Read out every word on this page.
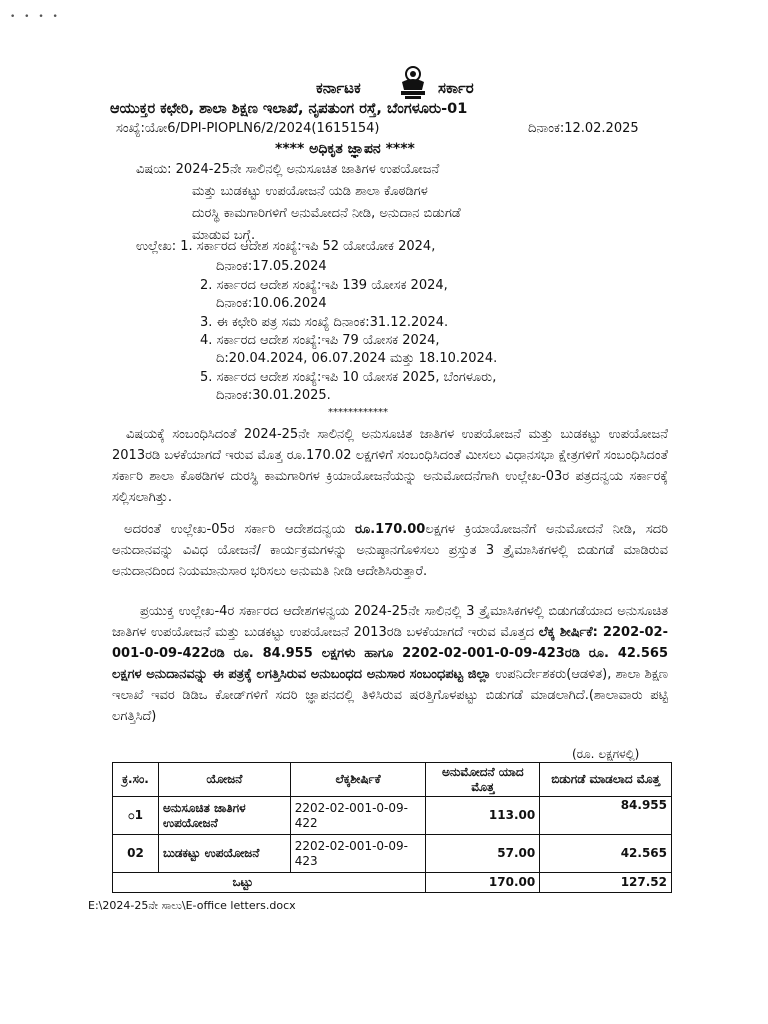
• • • •
ಕರ್ನಾಟಕ	ಸರ್ಕಾರ
ಆಯುಕ್ತರ ಕಛೇರಿ, ಶಾಲಾ ಶಿಕ್ಷಣ ಇಲಾಖೆ, ನೃಪತುಂಗ ರಸ್ತೆ, ಬೆಂಗಳೂರು-01
ಸಂಖ್ಯೆ:ಯೋ6/DPI-PIOPLN6/2/2024(1615154)	ದಿನಾಂಕ:12.02.2025
**** ಅಧಿಕೃತ ಜ್ಞಾಪನ ****
ವಿಷಯ: 2024-25ನೇ ಸಾಲಿನಲ್ಲಿ ಅನುಸೂಚಿತ ಜಾತಿಗಳ ಉಪಯೋಜನೆ
ಮತ್ತು ಬುಡಕಟ್ಟು ಉಪಯೋಜನೆ ಯಡಿ ಶಾಲಾ ಕೊಠಡಿಗಳ
ದುರಸ್ಥಿ ಕಾಮಗಾರಿಗಳಿಗೆ ಅನುಮೋದನೆ ನೀಡಿ, ಅನುದಾನ ಬಿಡುಗಡೆ
ಮಾಡುವ ಬಗ್ಗೆ.
ಉಲ್ಲೇಖ: 1. ಸರ್ಕಾರದ ಆದೇಶ ಸಂಖ್ಯೆ:ಇಪಿ 52 ಯೋಯೋಕ 2024,
ದಿನಾಂಕ:17.05.2024
2. ಸರ್ಕಾರದ ಆದೇಶ ಸಂಖ್ಯೆ:ಇಪಿ 139 ಯೋಸಕ 2024,
ದಿನಾಂಕ:10.06.2024
3. ಈ ಕಛೇರಿ ಪತ್ರ ಸಮ ಸಂಖ್ಯೆ ದಿನಾಂಕ:31.12.2024.
4. ಸರ್ಕಾರದ ಆದೇಶ ಸಂಖ್ಯೆ:ಇಪಿ 79 ಯೋಸಕ 2024,
ದಿ:20.04.2024, 06.07.2024 ಮತ್ತು 18.10.2024.
5. ಸರ್ಕಾರದ ಆದೇಶ ಸಂಖ್ಯೆ:ಇಪಿ 10 ಯೋಸಕ 2025, ಬೆಂಗಳೂರು,
ದಿನಾಂಕ:30.01.2025.
************
ವಿಷಯಕ್ಕೆ ಸಂಬಂಧಿಸಿದಂತೆ 2024-25ನೇ ಸಾಲಿನಲ್ಲಿ ಅನುಸೂಚಿತ ಜಾತಿಗಳ ಉಪಯೋಜನೆ ಮತ್ತು ಬುಡಕಟ್ಟು ಉಪಯೋಜನೆ 2013ರಡಿ ಬಳಕೆಯಾಗದೆ ಇರುವ ಮೊತ್ತ ರೂ.170.02 ಲಕ್ಷಗಳಿಗೆ ಸಂಬಂಧಿಸಿದಂತೆ ಮೀಸಲು ವಿಧಾನಸಭಾ ಕ್ಷೇತ್ರಗಳಿಗೆ ಸಂಬಂಧಿಸಿದಂತೆ ಸರ್ಕಾರಿ ಶಾಲಾ ಕೊಠಡಿಗಳ ದುರಸ್ಥಿ ಕಾಮಗಾರಿಗಳ ಕ್ರಿಯಾಯೋಜನೆಯನ್ನು ಅನುಮೋದನೆಗಾಗಿ ಉಲ್ಲೇಖ-03ರ ಪತ್ರದನ್ವಯ ಸರ್ಕಾರಕ್ಕೆ ಸಲ್ಲಿಸಲಾಗಿತ್ತು.
ಅದರಂತೆ ಉಲ್ಲೇಖ-05ರ ಸರ್ಕಾರಿ ಆದೇಶದನ್ವಯ ರೂ.170.00ಲಕ್ಷಗಳ ಕ್ರಿಯಾಯೋಜನೆಗೆ ಅನುಮೋದನೆ ನೀಡಿ, ಸದರಿ ಅನುದಾನವನ್ನು ವಿವಿಧ ಯೋಜನೆ/ ಕಾರ್ಯಕ್ರಮಗಳನ್ನು ಅನುಷ್ಠಾನಗೊಳಿಸಲು ಪ್ರಸ್ತುತ 3 ತ್ರೈಮಾಸಿಕಗಳಲ್ಲಿ ಬಿಡುಗಡೆ ಮಾಡಿರುವ ಅನುದಾನದಿಂದ ನಿಯಮಾನುಸಾರ ಭರಿಸಲು ಅನುಮತಿ ನೀಡಿ ಆದೇಶಿಸಿರುತ್ತಾರೆ.
ಪ್ರಯುಕ್ತ ಉಲ್ಲೇಖ-4ರ ಸರ್ಕಾರದ ಆದೇಶಗಳನ್ವಯ 2024-25ನೇ ಸಾಲಿನಲ್ಲಿ 3 ತ್ರೈಮಾಸಿಕಗಳಲ್ಲಿ ಬಿಡುಗಡೆಯಾದ ಅನುಸೂಚಿತ ಜಾತಿಗಳ ಉಪಯೋಜನೆ ಮತ್ತು ಬುಡಕಟ್ಟು ಉಪಯೋಜನೆ 2013ರಡಿ ಬಳಕೆಯಾಗದೆ ಇರುವ ಮೊತ್ತದ ಲೆಕ್ಕ ಶೀರ್ಷಿಕೆ: 2202-02-001-0-09-422ರಡಿ ರೂ. 84.955 ಲಕ್ಷಗಳು ಹಾಗೂ 2202-02-001-0-09-423ರಡಿ ರೂ. 42.565 ಲಕ್ಷಗಳ ಅನುದಾನವನ್ನು ಈ ಪತ್ರಕ್ಕೆ ಲಗತ್ತಿಸಿರುವ ಅನುಬಂಧದ ಅನುಸಾರ ಸಂಬಂಧಪಟ್ಟ ಜಿಲ್ಲಾ ಉಪನಿರ್ದೇಶಕರು(ಆಡಳಿತ), ಶಾಲಾ ಶಿಕ್ಷಣ ಇಲಾಖೆ ಇವರ ಡಿಡಿಒ ಕೋಡ್‌ಗಳಿಗೆ ಸದರಿ ಜ್ಞಾಪನದಲ್ಲಿ ತಿಳಿಸಿರುವ ಷರತ್ತಿಗೊಳಪಟ್ಟು ಬಿಡುಗಡೆ ಮಾಡಲಾಗಿದೆ.(ಶಾಲಾವಾರು ಪಟ್ಟಿ ಲಗತ್ತಿಸಿದೆ)
(ರೂ. ಲಕ್ಷಗಳಲ್ಲಿ)
ಕ್ರ.ಸಂ.	ಯೋಜನೆ	ಲೆಕ್ಕಶೀರ್ಷಿಕೆ	ಅನುಮೋದನೆ ಯಾದ ಮೊತ್ತ	ಬಿಡುಗಡೆ ಮಾಡಲಾದ ಮೊತ್ತ
೦1	ಅನುಸೂಚಿತ ಜಾತಿಗಳ ಉಪಯೋಜನೆ	2202-02-001-0-09-422	113.00	84.955
02	ಬುಡಕಟ್ಟು ಉಪಯೋಜನೆ	2202-02-001-0-09-423	57.00	42.565
	ಒಟ್ಟು		170.00	127.52
E:\2024-25ನೇ ಸಾಲು\E-office letters.docx
